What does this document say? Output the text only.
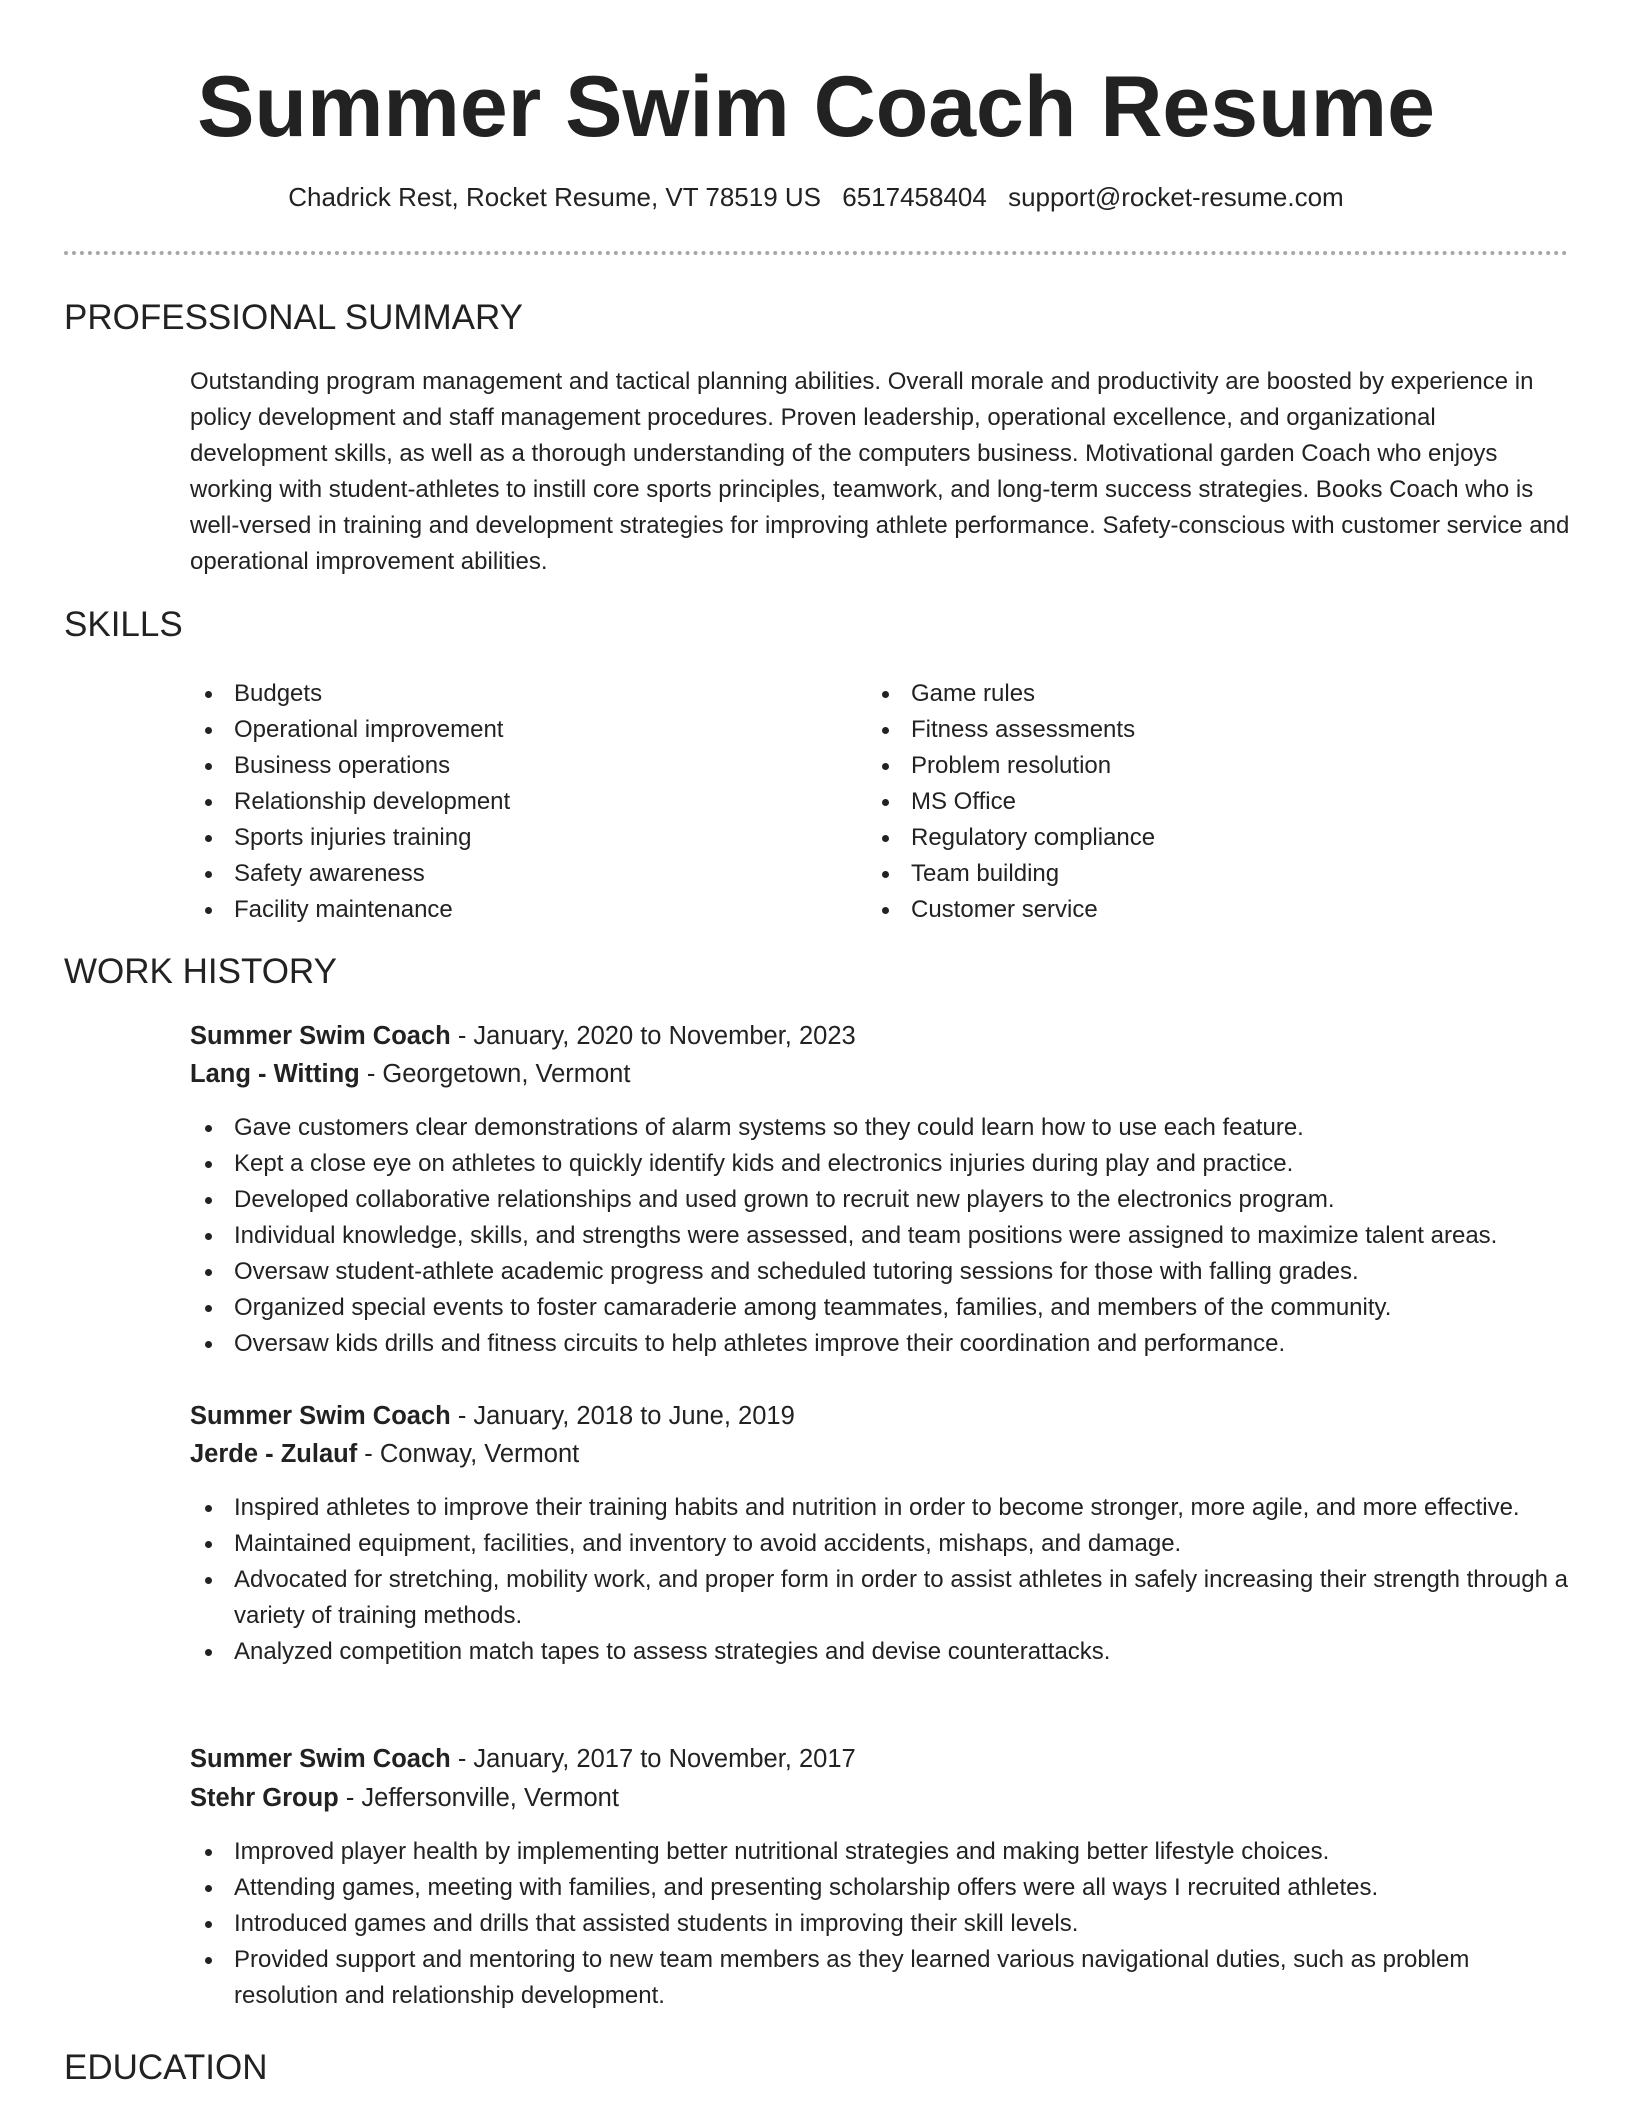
Summer Swim Coach Resume
Chadrick Rest, Rocket Resume, VT 78519 US 6517458404 support@rocket-resume.com
PROFESSIONAL SUMMARY

Outstanding program management and tactical planning abilities. Overall morale and productivity are boosted by experience in policy development and staff management procedures. Proven leadership, operational excellence, and organizational development skills, as well as a thorough understanding of the computers business. Motivational garden Coach who enjoys working with student-athletes to instill core sports principles, teamwork, and long-term success strategies. Books Coach who is well-versed in training and development strategies for improving athlete performance. Safety-conscious with customer service and operational improvement abilities.

SKILLS
Budgets
Operational improvement
Business operations
Relationship development
Sports injuries training
Safety awareness
Facility maintenance
Game rules
Fitness assessments
Problem resolution
MS Office
Regulatory compliance
Team building
Customer service
WORK HISTORY
Summer Swim Coach - January, 2020 to November, 2023
Lang - Witting - Georgetown, Vermont
Gave customers clear demonstrations of alarm systems so they could learn how to use each feature.
Kept a close eye on athletes to quickly identify kids and electronics injuries during play and practice.
Developed collaborative relationships and used grown to recruit new players to the electronics program.
Individual knowledge, skills, and strengths were assessed, and team positions were assigned to maximize talent areas.
Oversaw student-athlete academic progress and scheduled tutoring sessions for those with falling grades.
Organized special events to foster camaraderie among teammates, families, and members of the community.
Oversaw kids drills and fitness circuits to help athletes improve their coordination and performance.
Summer Swim Coach - January, 2018 to June, 2019
Jerde - Zulauf - Conway, Vermont
Inspired athletes to improve their training habits and nutrition in order to become stronger, more agile, and more effective.
Maintained equipment, facilities, and inventory to avoid accidents, mishaps, and damage.
Advocated for stretching, mobility work, and proper form in order to assist athletes in safely increasing their strength through a variety of training methods.
Analyzed competition match tapes to assess strategies and devise counterattacks.
Summer Swim Coach - January, 2017 to November, 2017
Stehr Group - Jeffersonville, Vermont
Improved player health by implementing better nutritional strategies and making better lifestyle choices.
Attending games, meeting with families, and presenting scholarship offers were all ways I recruited athletes.
Introduced games and drills that assisted students in improving their skill levels.
Provided support and mentoring to new team members as they learned various navigational duties, such as problem resolution and relationship development.
EDUCATION
